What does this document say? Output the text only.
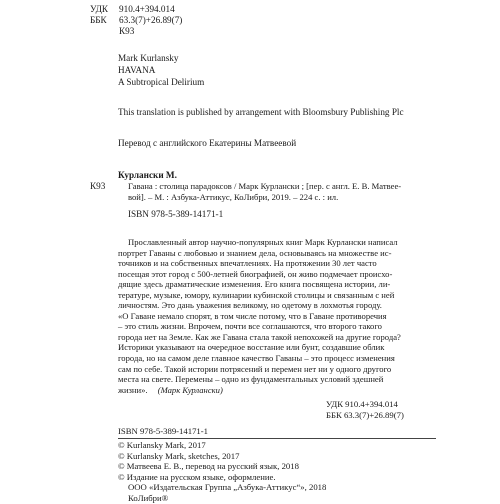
УДК 910.4+394.014
ББК 63.3(7)+26.89(7)
К93
Mark Kurlansky
HAVANA
A Subtropical Delirium
This translation is published by arrangement with Bloomsbury Publishing Plc
Перевод с английского Екатерины Матвеевой
Курлански М.
К93	Гавана : столица парадоксов / Марк Курлански ; [пер. с англ. Е. В. Матвее-
вой]. – М. : Азбука-Аттикус, КоЛибри, 2019. – 224 с. : ил.
ISBN 978-5-389-14171-1
Прославленный автор научно-популярных книг Марк Курлански написал
портрет Гаваны с любовью и знанием дела, основываясь на множестве ис-
точников и на собственных впечатлениях. На протяжении 30 лет часто
посещая этот город с 500-летней биографией, он живо подмечает происхо-
дящие здесь драматические изменения. Его книга посвящена истории, ли-
тературе, музыке, юмору, кулинарии кубинской столицы и связанным с ней
личностям. Это дань уважения великому, но одетому в лохмотья городу.
«О Гаване немало спорят, в том числе потому, что в Гаване противоречия
– это стиль жизни. Впрочем, почти все соглашаются, что второго такого
города нет на Земле. Как же Гавана стала такой непохожей на другие города?
Историки указывают на очередное восстание или бунт, создавшие облик
города, но на самом деле главное качество Гаваны – это процесс изменения
сам по себе. Такой истории потрясений и перемен нет ни у одного другого
места на свете. Перемены – одно из фундаментальных условий здешней
жизни». (Марк Курлански)
УДК 910.4+394.014
ББК 63.3(7)+26.89(7)
ISBN 978-5-389-14171-1
© Kurlansky Mark, 2017
© Kurlansky Mark, sketches, 2017
© Матвеева Е. В., перевод на русский язык, 2018
© Издание на русском языке, оформление.
ООО «Издательская Группа „Азбука-Аттикус“», 2018
КоЛибри®
